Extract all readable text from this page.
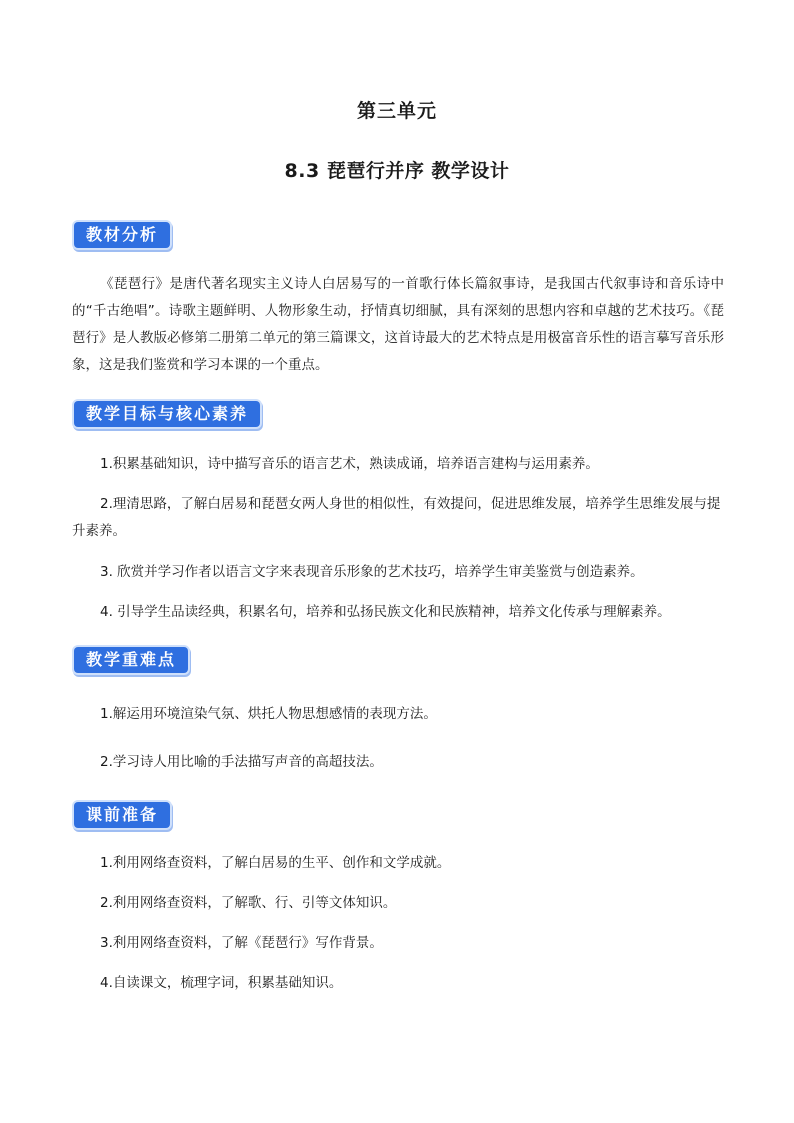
第三单元
8.3 琵琶行并序 教学设计
教材分析
《琵琶行》是唐代著名现实主义诗人白居易写的一首歌行体长篇叙事诗，是我国古代叙事诗和音乐诗中的“千古绝唱”。诗歌主题鲜明、人物形象生动，抒情真切细腻，具有深刻的思想内容和卓越的艺术技巧。《琵琶行》是人教版必修第二册第二单元的第三篇课文，这首诗最大的艺术特点是用极富音乐性的语言摹写音乐形象，这是我们鉴赏和学习本课的一个重点。
教学目标与核心素养
1.积累基础知识，诗中描写音乐的语言艺术，熟读成诵，培养语言建构与运用素养。
2.理清思路，了解白居易和琵琶女两人身世的相似性，有效提问，促进思维发展，培养学生思维发展与提升素养。
3. 欣赏并学习作者以语言文字来表现音乐形象的艺术技巧，培养学生审美鉴赏与创造素养。
4. 引导学生品读经典，积累名句，培养和弘扬民族文化和民族精神，培养文化传承与理解素养。
教学重难点
1.解运用环境渲染气氛、烘托人物思想感情的表现方法。
2.学习诗人用比喻的手法描写声音的高超技法。
课前准备
1.利用网络查资料，了解白居易的生平、创作和文学成就。
2.利用网络查资料，了解歌、行、引等文体知识。
3.利用网络查资料，了解《琵琶行》写作背景。
4.自读课文，梳理字词，积累基础知识。
